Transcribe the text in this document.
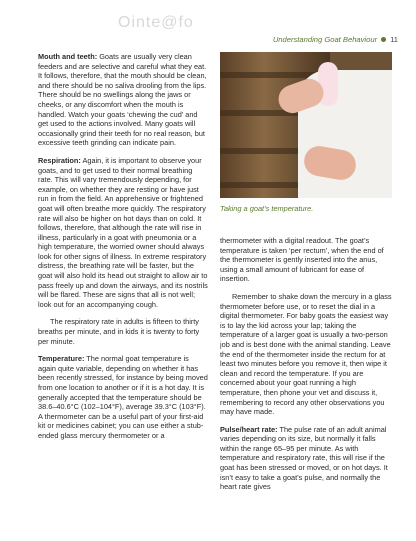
Ointe@fo
Understanding Goat Behaviour 11

Mouth and teeth: Goats are usually very clean feeders and are selective and careful what they eat. It follows, therefore, that the mouth should be clean, and there should be no saliva drooling from the lips. There should be no swellings along the jaws or cheeks, or any discomfort when the mouth is handled. Watch your goats ‘chewing the cud’ and get used to the actions involved. Many goats will occasionally grind their teeth for no real reason, but excessive teeth grinding can indicate pain.

Respiration: Again, it is important to observe your goats, and to get used to their normal breathing rate. This will vary tremendously depending, for example, on whether they are resting or have just run in from the field. An apprehensive or frightened goat will often breathe more quickly. The respiratory rate will also be higher on hot days than on cold. It follows, therefore, that although the rate will rise in illness, particularly in a goat with pneumonia or a high temperature, the worried owner should always look for other signs of illness. In extreme respiratory distress, the breathing rate will be faster, but the goat will also hold its head out straight to allow air to pass freely up and down the airways, and its nostrils will be flared. These are signs that all is not well; look out for an accompanying cough.

The respiratory rate in adults is fifteen to thirty breaths per minute, and in kids it is twenty to forty per minute.

Temperature: The normal goat temperature is again quite variable, depending on whether it has been recently stressed, for instance by being moved from one location to another or if it is a hot day. It is generally accepted that the temperature should be 38.6–40.6°C (102–104°F), average 39.3°C (103°F). A thermometer can be a useful part of your first-aid kit or medicines cabinet; you can use either a stub-ended glass mercury thermometer or a

Taking a goat’s temperature.

thermometer with a digital readout. The goat’s temperature is taken ‘per rectum’, when the end of the thermometer is gently inserted into the anus, using a small amount of lubricant for ease of insertion.

Remember to shake down the mercury in a glass thermometer before use, or to reset the dial in a digital thermometer. For baby goats the easiest way is to lay the kid across your lap; taking the temperature of a larger goat is usually a two-person job and is best done with the animal standing. Leave the end of the thermometer inside the rectum for at least two minutes before you remove it, then wipe it clean and record the temperature. If you are concerned about your goat running a high temperature, then phone your vet and discuss it, remembering to record any other observations you may have made.

Pulse/heart rate: The pulse rate of an adult animal varies depending on its size, but normally it falls within the range 65–95 per minute. As with temperature and respiratory rate, this will rise if the goat has been stressed or moved, or on hot days. It isn’t easy to take a goat’s pulse, and normally the heart rate gives
